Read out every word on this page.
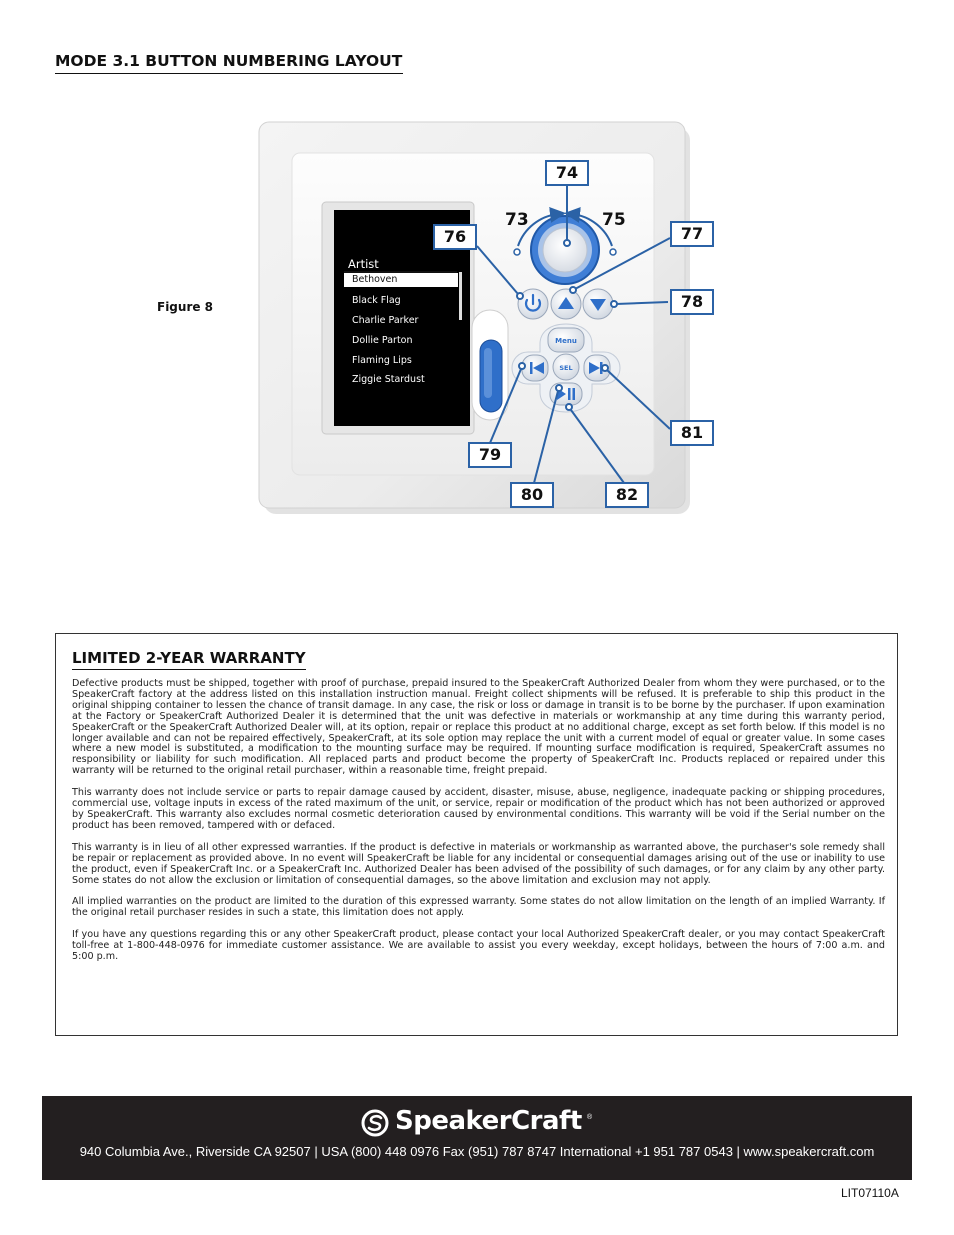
MODE 3.1 BUTTON NUMBERING LAYOUT
Figure 8
Menu
SEL
Artist
Bethoven
Black Flag
Charlie Parker
Dollie Parton
Flaming Lips
Ziggie Stardust
74
76	77
78
81
79
80	82
73	75
LIMITED 2-YEAR WARRANTY

Defective products must be shipped, together with proof of purchase, prepaid insured to the SpeakerCraft Authorized Dealer from whom they were purchased, or to the SpeakerCraft factory at the address listed on this installation instruction manual. Freight collect shipments will be refused. It is preferable to ship this product in the original shipping container to lessen the chance of transit damage. In any case, the risk or loss or damage in transit is to be borne by the purchaser. If upon examination at the Factory or SpeakerCraft Authorized Dealer it is determined that the unit was defective in materials or workmanship at any time during this warranty period, SpeakerCraft or the SpeakerCraft Authorized Dealer will, at its option, repair or replace this product at no additional charge, except as set forth below. If this model is no longer available and can not be repaired effectively, SpeakerCraft, at its sole option may replace the unit with a current model of equal or greater value. In some cases where a new model is substituted, a modification to the mounting surface may be required. If mounting surface modification is required, SpeakerCraft assumes no responsibility or liability for such modification. All replaced parts and product become the property of SpeakerCraft Inc. Products replaced or repaired under this warranty will be returned to the original retail purchaser, within a reasonable time, freight prepaid.

This warranty does not include service or parts to repair damage caused by accident, disaster, misuse, abuse, negligence, inadequate packing or shipping procedures, commercial use, voltage inputs in excess of the rated maximum of the unit, or service, repair or modification of the product which has not been authorized or approved by SpeakerCraft. This warranty also excludes normal cosmetic deterioration caused by environmental conditions. This warranty will be void if the Serial number on the product has been removed, tampered with or defaced.

This warranty is in lieu of all other expressed warranties. If the product is defective in materials or workmanship as warranted above, the purchaser's sole remedy shall be repair or replacement as provided above. In no event will SpeakerCraft be liable for any incidental or consequential damages arising out of the use or inability to use the product, even if SpeakerCraft Inc. or a SpeakerCraft Inc. Authorized Dealer has been advised of the possibility of such damages, or for any claim by any other party. Some states do not allow the exclusion or limitation of consequential damages, so the above limitation and exclusion may not apply.

All implied warranties on the product are limited to the duration of this expressed warranty. Some states do not allow limitation on the length of an implied Warranty. If the original retail purchaser resides in such a state, this limitation does not apply.

If you have any questions regarding this or any other SpeakerCraft product, please contact your local Authorized SpeakerCraft dealer, or you may contact SpeakerCraft toll-free at 1-800-448-0976 for immediate customer assistance. We are available to assist you every weekday, except holidays, between the hours of 7:00 a.m. and 5:00 p.m.

SpeakerCraft ®
940 Columbia Ave., Riverside CA 92507 | USA (800) 448 0976 Fax (951) 787 8747 International +1 951 787 0543 | www.speakercraft.com
LIT07110A
